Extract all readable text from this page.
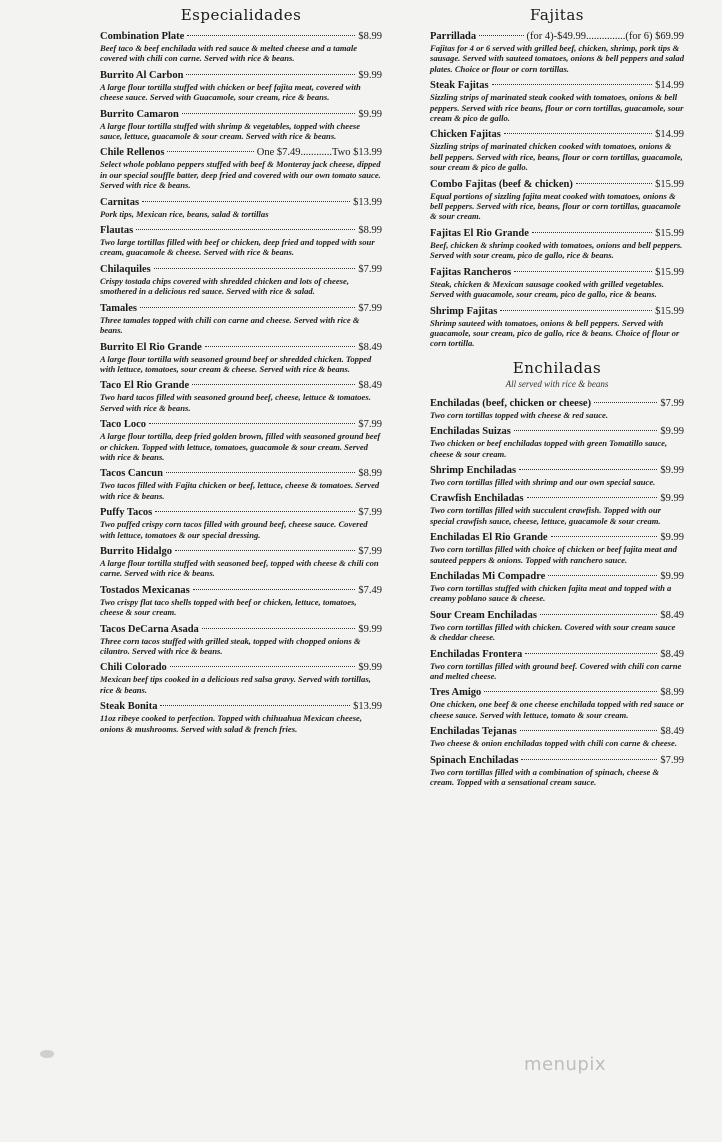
Especialidades
Combination Plate	$8.99
Beef taco & beef enchilada with red sauce & melted cheese and a tamale covered with chili con carne. Served with rice & beans.
Burrito Al Carbon	$9.99
A large flour tortilla stuffed with chicken or beef fajita meat, covered with cheese sauce. Served with Guacamole, sour cream, rice & beans.
Burrito Camaron	$9.99
A large flour tortilla stuffed with shrimp & vegetables, topped with cheese sauce, lettuce, guacamole & sour cream. Served with rice & beans.
Chile Rellenos	One $7.49............Two $13.99
Select whole poblano peppers stuffed with beef & Monteray jack cheese, dipped in our special souffle batter, deep fried and covered with our own tomato sauce. Served with rice & beans.
Carnitas	$13.99
Pork tips, Mexican rice, beans, salad & tortillas
Flautas	$8.99
Two large tortillas filled with beef or chicken, deep fried and topped with sour cream, guacamole & cheese. Served with rice & beans.
Chilaquiles	$7.99
Crispy tostada chips covered with shredded chicken and lots of cheese, smothered in a delicious red sauce. Served with rice & salad.
Tamales	$7.99
Three tamales topped with chili con carne and cheese. Served with rice & beans.
Burrito El Rio Grande	$8.49
A large flour tortilla with seasoned ground beef or shredded chicken. Topped with lettuce, tomatoes, sour cream & cheese. Served with rice & beans.
Taco El Rio Grande	$8.49
Two hard tacos filled with seasoned ground beef, cheese, lettuce & tomatoes. Served with rice & beans.
Taco Loco	$7.99
A large flour tortilla, deep fried golden brown, filled with seasoned ground beef or chicken. Topped with lettuce, tomatoes, guacamole & sour cream. Served with rice & beans.
Tacos Cancun	$8.99
Two tacos filled with Fajita chicken or beef, lettuce, cheese & tomatoes. Served with rice & beans.
Puffy Tacos	$7.99
Two puffed crispy corn tacos filled with ground beef, cheese sauce. Covered with lettuce, tomatoes & our special dressing.
Burrito Hidalgo	$7.99
A large flour tortilla stuffed with seasoned beef, topped with cheese & chili con carne. Served with rice & beans.
Tostados Mexicanas	$7.49
Two crispy flat taco shells topped with beef or chicken, lettuce, tomatoes, cheese & sour cream.
Tacos DeCarna Asada	$9.99
Three corn tacos stuffed with grilled steak, topped with chopped onions & cilantro. Served with rice & beans.
Chili Colorado	$9.99
Mexican beef tips cooked in a delicious red salsa gravy. Served with tortillas, rice & beans.
Steak Bonita	$13.99
11oz ribeye cooked to perfection. Topped with chihuahua Mexican cheese, onions & mushrooms. Served with salad & french fries.
Fajitas
Parrillada	(for 4)-$49.99...............(for 6) $69.99
Fajitas for 4 or 6 served with grilled beef, chicken, shrimp, pork tips & sausage. Served with sauteed tomatoes, onions & bell peppers and salad plates. Choice or flour or corn tortillas.
Steak Fajitas	$14.99
Sizzling strips of marinated steak cooked with tomatoes, onions & bell peppers. Served with rice beans, flour or corn tortillas, guacamole, sour cream & pico de gallo.
Chicken Fajitas	$14.99
Sizzling strips of marinated chicken cooked with tomatoes, onions & bell peppers. Served with rice, beans, flour or corn tortillas, guacamole, sour cream & pico de gallo.
Combo Fajitas (beef & chicken)	$15.99
Equal portions of sizzling fajita meat cooked with tomatoes, onions & bell peppers. Served with rice, beans, flour or corn tortillas, guacamole & sour cream.
Fajitas El Rio Grande	$15.99
Beef, chicken & shrimp cooked with tomatoes, onions and bell peppers. Served with sour cream, pico de gallo, rice & beans.
Fajitas Rancheros	$15.99
Steak, chicken & Mexican sausage cooked with grilled vegetables. Served with guacamole, sour cream, pico de gallo, rice & beans.
Shrimp Fajitas	$15.99
Shrimp sauteed with tomatoes, onions & bell peppers. Served with guacamole, sour cream, pico de gallo, rice & beans. Choice of flour or corn tortilla.
Enchiladas
All served with rice & beans
Enchiladas (beef, chicken or cheese)	$7.99
Two corn tortillas topped with cheese & red sauce.
Enchiladas Suizas	$9.99
Two chicken or beef enchiladas topped with green Tomatillo sauce, cheese & sour cream.
Shrimp Enchiladas	$9.99
Two corn tortillas filled with shrimp and our own special sauce.
Crawfish Enchiladas	$9.99
Two corn tortillas filled with succulent crawfish. Topped with our special crawfish sauce, cheese, lettuce, guacamole & sour cream.
Enchiladas El Rio Grande	$9.99
Two corn tortillas filled with choice of chicken or beef fajita meat and sauteed peppers & onions. Topped with ranchero sauce.
Enchiladas Mi Compadre	$9.99
Two corn tortillas stuffed with chicken fajita meat and topped with a creamy poblano sauce & cheese.
Sour Cream Enchiladas	$8.49
Two corn tortillas filled with chicken. Covered with sour cream sauce & cheddar cheese.
Enchiladas Frontera	$8.49
Two corn tortillas filled with ground beef. Covered with chili con carne and melted cheese.
Tres Amigo	$8.99
One chicken, one beef & one cheese enchilada topped with red sauce or cheese sauce. Served with lettuce, tomato & sour cream.
Enchiladas Tejanas	$8.49
Two cheese & onion enchiladas topped with chili con carne & cheese.
Spinach Enchiladas	$7.99
Two corn tortillas filled with a combination of spinach, cheese & cream. Topped with a sensational cream sauce.
menupix
